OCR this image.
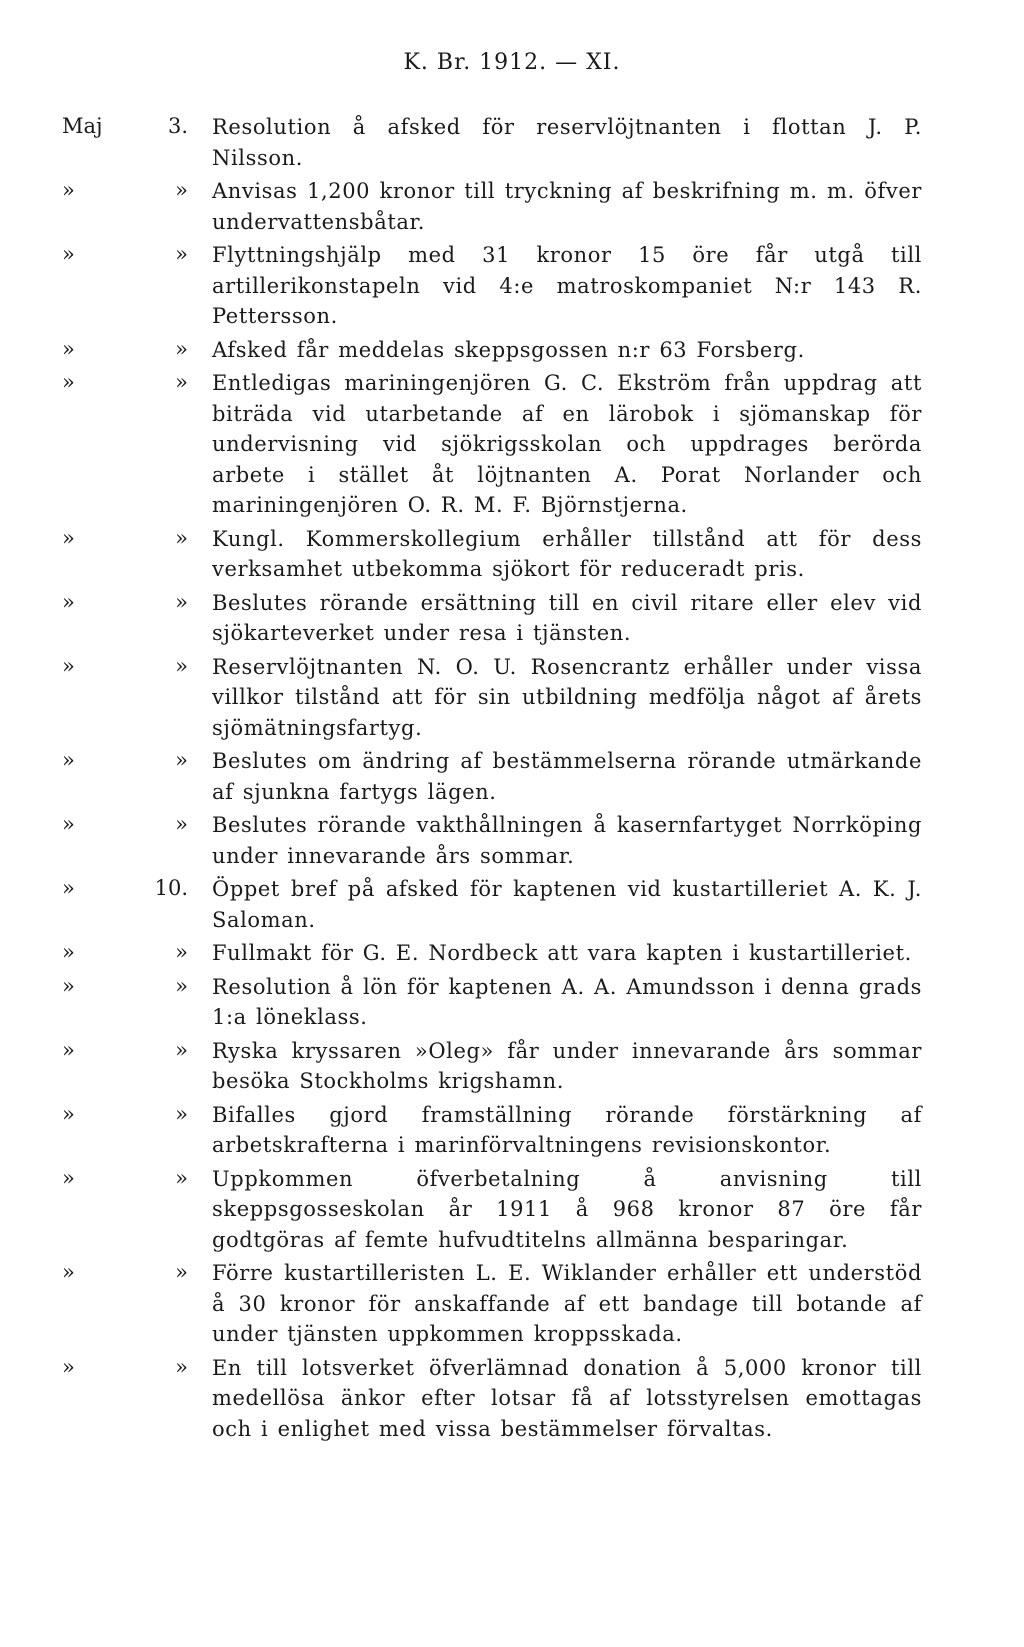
K. Br. 1912. — XI.
Maj	3. Resolution å afsked för reservlöjtnanten i flottan J. P. Nilsson.
»	» Anvisas 1,200 kronor till tryckning af beskrifning m. m. öfver undervattensbåtar.
»	» Flyttningshjälp med 31 kronor 15 öre får utgå till artillerikonstapeln vid 4:e matroskompaniet N:r 143 R. Pettersson.
»	» Afsked får meddelas skeppsgossen n:r 63 Forsberg.
»	» Entledigas mariningenjören G. C. Ekström från uppdrag att biträda vid utarbetande af en lärobok i sjömanskap för undervisning vid sjökrigsskolan och uppdrages berörda arbete i stället åt löjtnanten A. Porat Norlander och mariningenjören O. R. M. F. Björnstjerna.
»	» Kungl. Kommerskollegium erhåller tillstånd att för dess verksamhet utbekomma sjökort för reduceradt pris.
»	» Beslutes rörande ersättning till en civil ritare eller elev vid sjökarteverket under resa i tjänsten.
»	» Reservlöjtnanten N. O. U. Rosencrantz erhåller under vissa villkor tilstånd att för sin utbildning medfölja något af årets sjömätningsfartyg.
»	» Beslutes om ändring af bestämmelserna rörande utmärkande af sjunkna fartygs lägen.
»	» Beslutes rörande vakthållningen å kasernfartyget Norrköping under innevarande års sommar.
»	10. Öppet bref på afsked för kaptenen vid kustartilleriet A. K. J. Saloman.
»	» Fullmakt för G. E. Nordbeck att vara kapten i kustartilleriet.
»	» Resolution å lön för kaptenen A. A. Amundsson i denna grads 1:a löneklass.
»	» Ryska kryssaren »Oleg» får under innevarande års sommar besöka Stockholms krigshamn.
»	» Bifalles gjord framställning rörande förstärkning af arbetskrafterna i marinförvaltningens revisionskontor.
»	» Uppkommen öfverbetalning å anvisning till skeppsgosseskolan år 1911 å 968 kronor 87 öre får godtgöras af femte hufvudtitelns allmänna besparingar.
»	» Förre kustartilleristen L. E. Wiklander erhåller ett understöd å 30 kronor för anskaffande af ett bandage till botande af under tjänsten uppkommen kroppsskada.
»	» En till lotsverket öfverlämnad donation å 5,000 kronor till medellösa änkor efter lotsar få af lotsstyrelsen emottagas och i enlighet med vissa bestämmelser förvaltas.
